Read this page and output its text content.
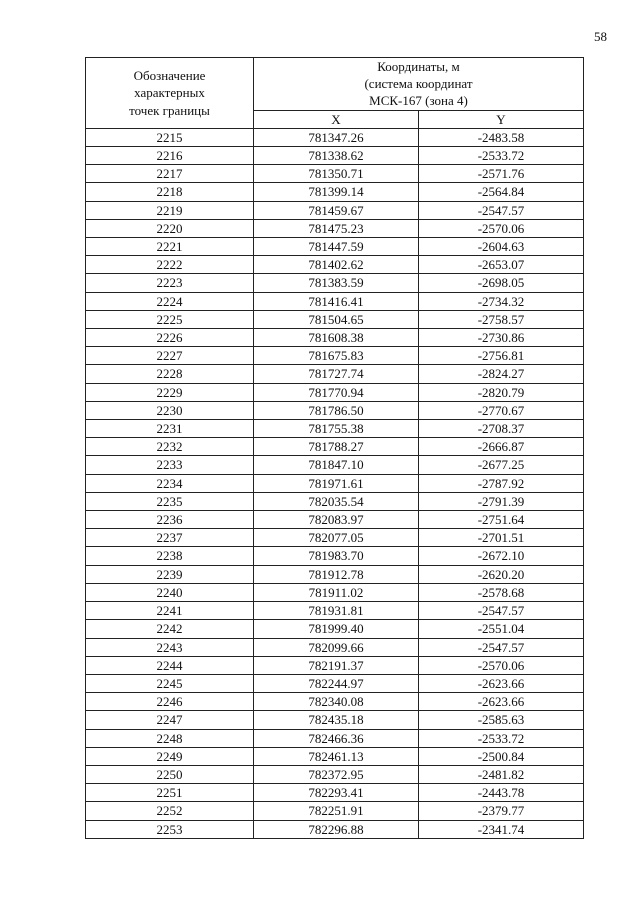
58
Обозначение
характерных
точек границы	Координаты, м
(система координат
МСК-167 (зона 4)	

	X	Y
2215	781347.26	-2483.58
2216	781338.62	-2533.72
2217	781350.71	-2571.76
2218	781399.14	-2564.84
2219	781459.67	-2547.57
2220	781475.23	-2570.06
2221	781447.59	-2604.63
2222	781402.62	-2653.07
2223	781383.59	-2698.05
2224	781416.41	-2734.32
2225	781504.65	-2758.57
2226	781608.38	-2730.86
2227	781675.83	-2756.81
2228	781727.74	-2824.27
2229	781770.94	-2820.79
2230	781786.50	-2770.67
2231	781755.38	-2708.37
2232	781788.27	-2666.87
2233	781847.10	-2677.25
2234	781971.61	-2787.92
2235	782035.54	-2791.39
2236	782083.97	-2751.64
2237	782077.05	-2701.51
2238	781983.70	-2672.10
2239	781912.78	-2620.20
2240	781911.02	-2578.68
2241	781931.81	-2547.57
2242	781999.40	-2551.04
2243	782099.66	-2547.57
2244	782191.37	-2570.06
2245	782244.97	-2623.66
2246	782340.08	-2623.66
2247	782435.18	-2585.63
2248	782466.36	-2533.72
2249	782461.13	-2500.84
2250	782372.95	-2481.82
2251	782293.41	-2443.78
2252	782251.91	-2379.77
2253	782296.88	-2341.74
